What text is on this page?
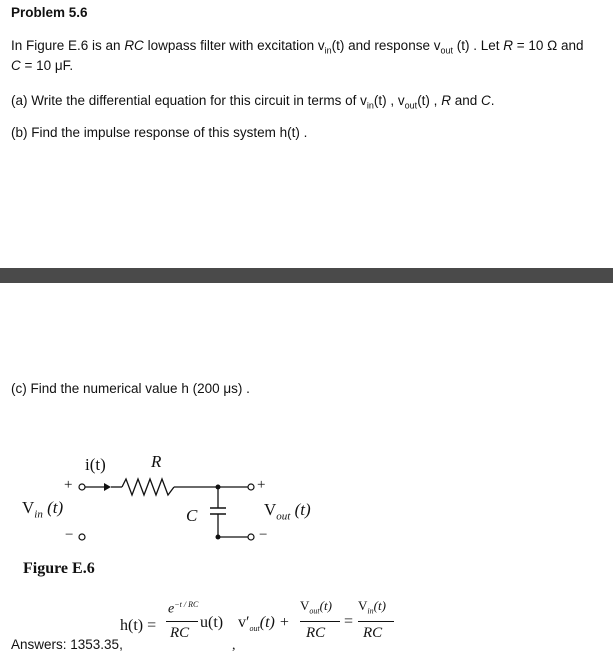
Problem 5.6
In Figure E.6 is an RC lowpass filter with excitation $v_{in}(t)$ and response $v_{out}$ (t) . Let R = 10 Ω and
C = 10 μF.
(a) Write the differential equation for this circuit in terms of $v_{in}(t)$ , $v_{out}(t)$ , R and C.
(b) Find the impulse response of this system h(t) .
(c) Find the numerical value h (200 μs) .
i(t)	R
+	+
C
$V_{in}$ (t)	$V_{out}$ (t)
−	−
Figure E.6
Answers: 1353.35,
h(t) =
$e^{-t / RC}$
RC
u(t) $v'_{out}(t)$ +
$V_{out}(t)$
RC
=
$V_{in}(t)$
RC
,
